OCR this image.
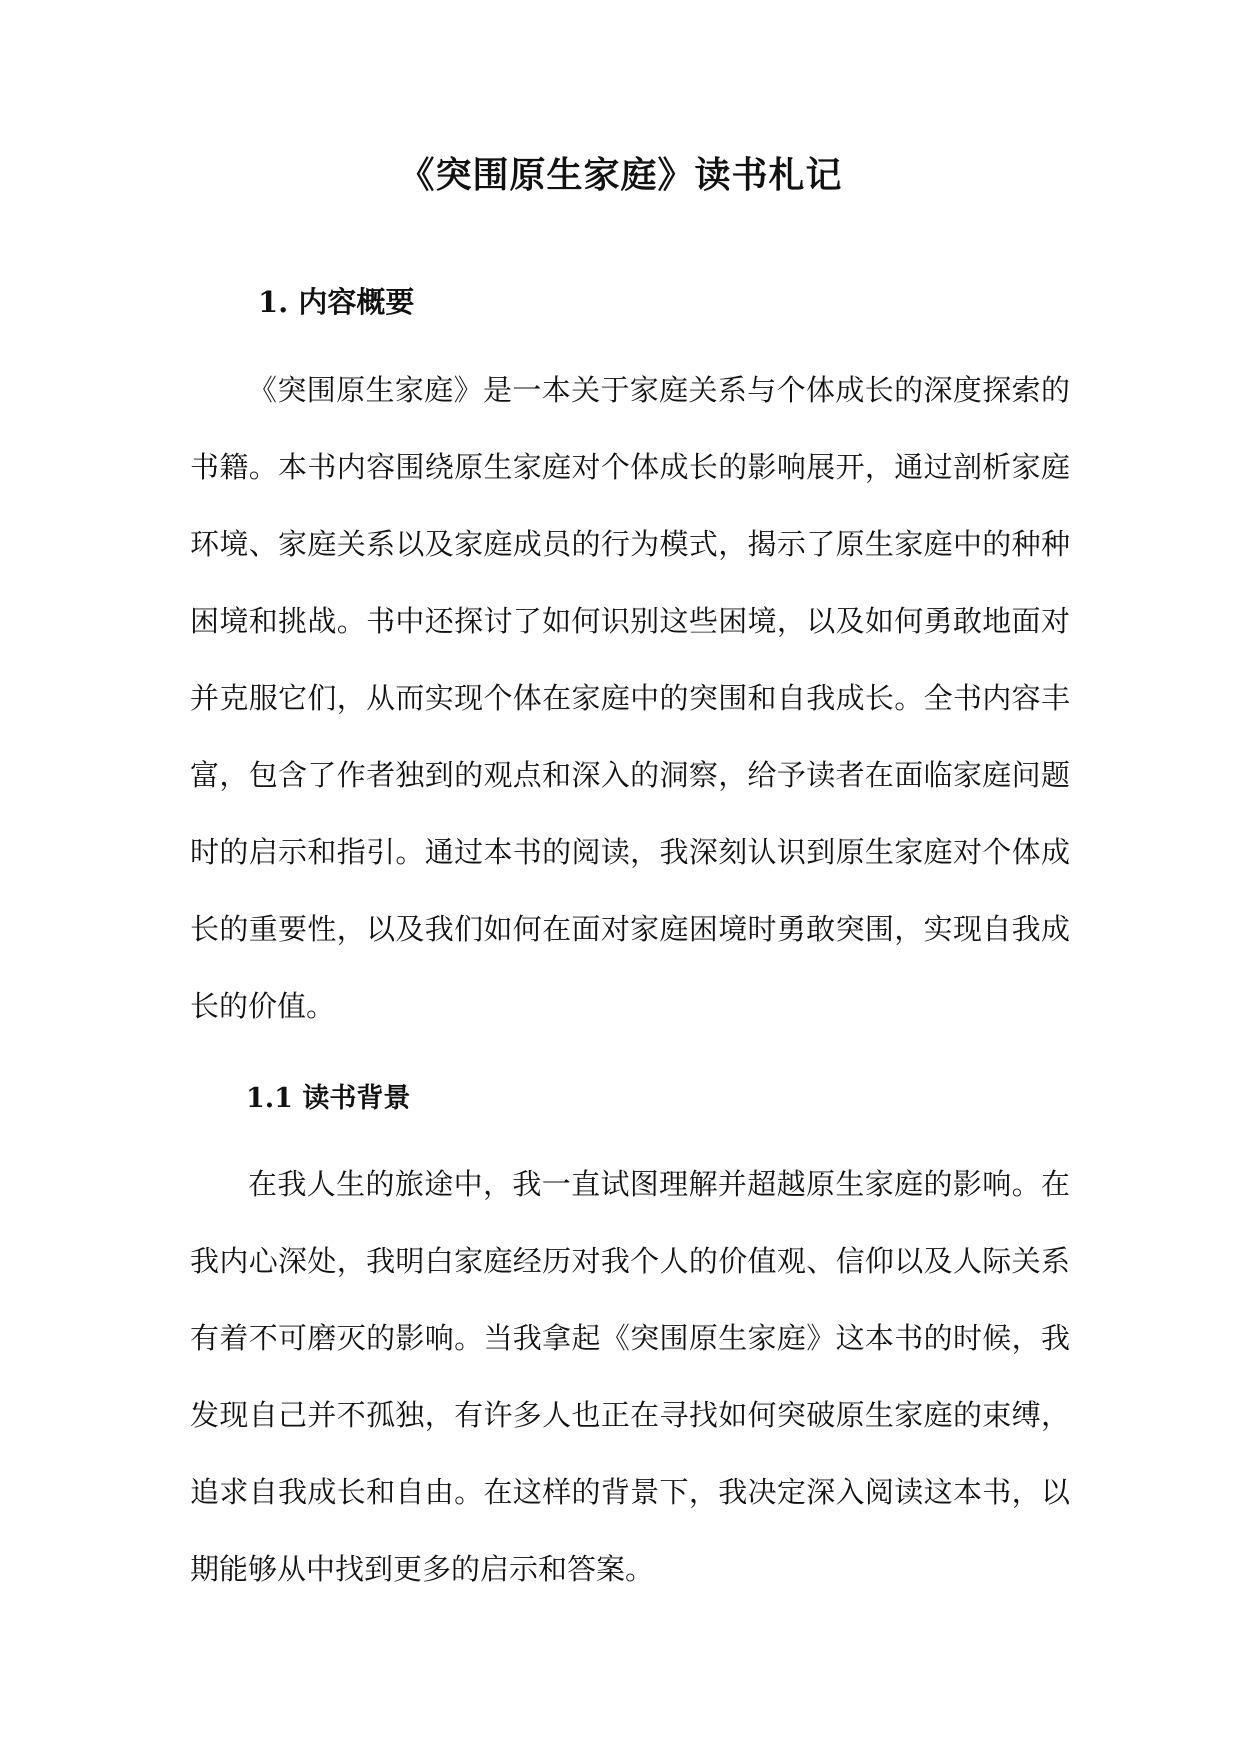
《突围原生家庭》读书札记
1. 内容概要

《突围原生家庭》是一本关于家庭关系与个体成长的深度探索的
书籍。本书内容围绕原生家庭对个体成长的影响展开，通过剖析家庭
环境、家庭关系以及家庭成员的行为模式，揭示了原生家庭中的种种
困境和挑战。书中还探讨了如何识别这些困境，以及如何勇敢地面对
并克服它们，从而实现个体在家庭中的突围和自我成长。全书内容丰
富，包含了作者独到的观点和深入的洞察，给予读者在面临家庭问题
时的启示和指引。通过本书的阅读，我深刻认识到原生家庭对个体成
长的重要性，以及我们如何在面对家庭困境时勇敢突围，实现自我成
长的价值。

1.1 读书背景

在我人生的旅途中，我一直试图理解并超越原生家庭的影响。在
我内心深处，我明白家庭经历对我个人的价值观、信仰以及人际关系
有着不可磨灭的影响。当我拿起《突围原生家庭》这本书的时候，我
发现自己并不孤独，有许多人也正在寻找如何突破原生家庭的束缚，
追求自我成长和自由。在这样的背景下，我决定深入阅读这本书，以
期能够从中找到更多的启示和答案。
